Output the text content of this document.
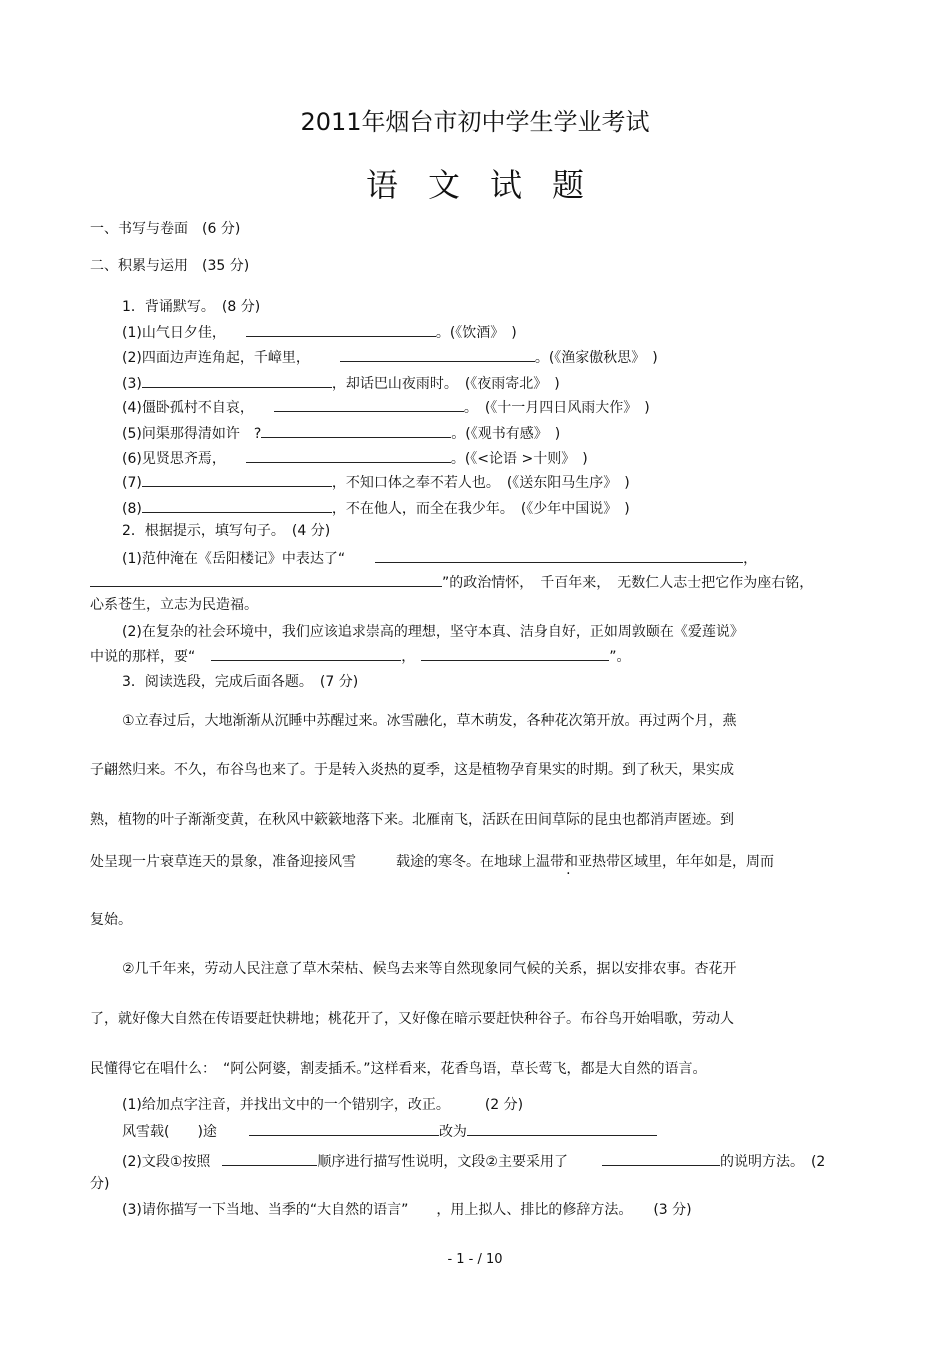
2011年烟台市初中学生学业考试
语文试题
一、书写与卷面　(6 分)
二、积累与运用　(35 分)
1．背诵默写。　(8 分)
(1)山气日夕佳，	。(《饮酒》　)
(2)四面边声连角起，千嶂里，	。(《渔家傲秋思》　)
(3)	，却话巴山夜雨时。　(《夜雨寄北》　)
(4)僵卧孤村不自哀，	。　(《十一月四日风雨大作》　)
(5)问渠那得清如许　?	。(《观书有感》　)
(6)见贤思齐焉，	。(《<论语 >十则》　)
(7)	，不知口体之奉不若人也。　(《送东阳马生序》　)
(8)	，不在他人，而全在我少年。　(《少年中国说》　)
2．根据提示，填写句子。　(4 分)
(1)范仲淹在《岳阳楼记》中表达了“	，
”的政治情怀，　千百年来，　无数仁人志士把它作为座右铭，
心系苍生，立志为民造福。
(2)在复杂的社会环境中，我们应该追求崇高的理想，坚守本真、洁身自好，正如周敦颐在《爱莲说》
中说的那样，要“	，	”。
3．阅读选段，完成后面各题。　(7 分)
①立春过后，大地渐渐从沉睡中苏醒过来。冰雪融化，草木萌发，各种花次第开放。再过两个月，燕
子翩然归来。不久，布谷鸟也来了。于是转入炎热的夏季，这是植物孕育果实的时期。到了秋天，果实成
熟，植物的叶子渐渐变黄，在秋风中簌簌地落下来。北雁南飞，活跃在田间草际的昆虫也都消声匿迹。到
处呈现一片衰草连天的景象，准备迎接风雪	载途的寒冬。在地球上温带和亚热带区域里，年年如是，周而 ·
复始。
②几千年来，劳动人民注意了草木荣枯、候鸟去来等自然现象同气候的关系，据以安排农事。杏花开
了，就好像大自然在传语要赶快耕地；桃花开了，又好像在暗示要赶快种谷子。布谷鸟开始唱歌，劳动人
民懂得它在唱什么：　“阿公阿婆，割麦插禾。”这样看来，花香鸟语，草长莺飞，都是大自然的语言。
(1)给加点字注音，并找出文中的一个错别字，改正。　　　(2 分)
风雪载(　　)途	改为
(2)文段①按照	顺序进行描写性说明，文段②主要采用了	的说明方法。　(2
分)
(3)请你描写一下当地、当季的“大自然的语言”　　，用上拟人、排比的修辞方法。　　(3 分)
- 1 - / 10
